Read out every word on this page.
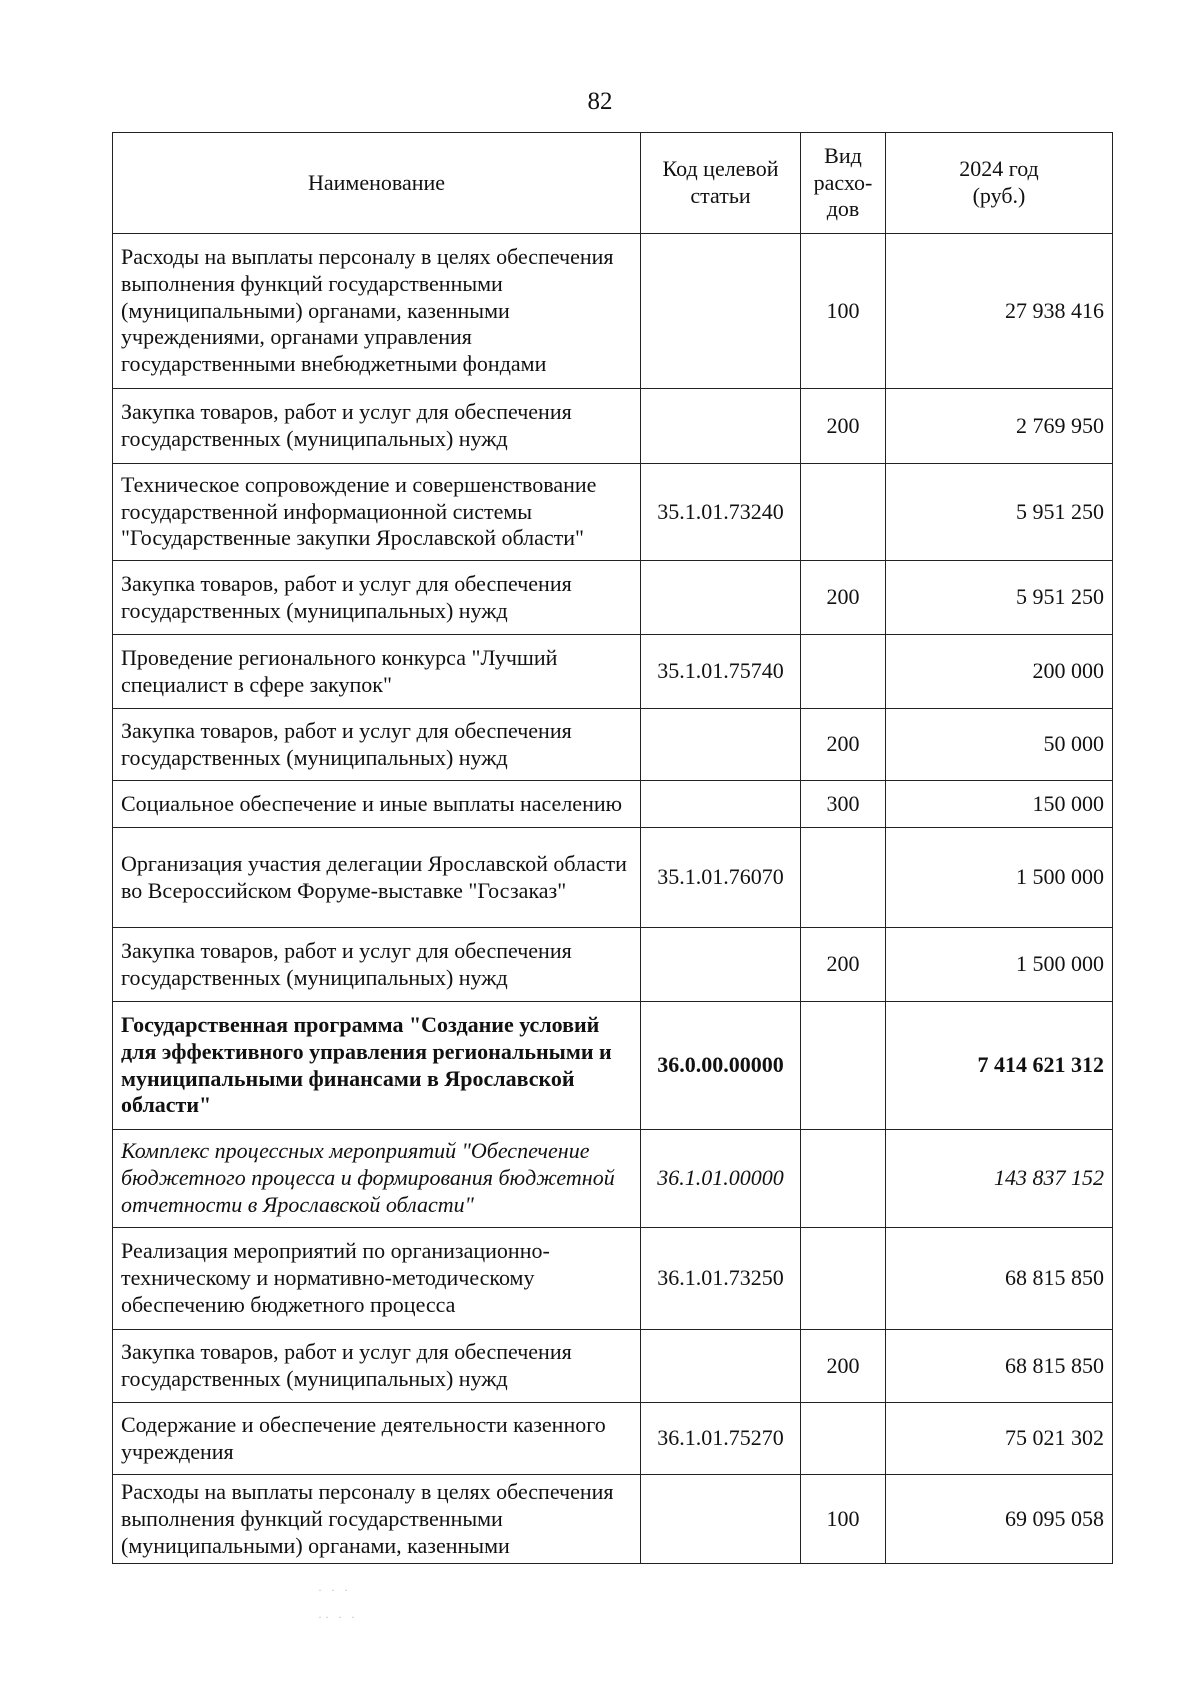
82
Наименование	Код целевой статьи	Вид расхо-дов	2024 год (руб.)
Расходы на выплаты персоналу в целях обеспечения выполнения функций государственными (муниципальными) органами, казенными учреждениями, органами управления государственными внебюджетными фондами		100	27 938 416
Закупка товаров, работ и услуг для обеспечения государственных (муниципальных) нужд		200	2 769 950
Техническое сопровождение и совершенствование государственной информационной системы "Государственные закупки Ярославской области"	35.1.01.73240		5 951 250
Закупка товаров, работ и услуг для обеспечения государственных (муниципальных) нужд		200	5 951 250
Проведение регионального конкурса "Лучший специалист в сфере закупок"	35.1.01.75740		200 000
Закупка товаров, работ и услуг для обеспечения государственных (муниципальных) нужд		200	50 000
Социальное обеспечение и иные выплаты населению		300	150 000
Организация участия делегации Ярославской области во Всероссийском Форуме-выставке "Госзаказ"	35.1.01.76070		1 500 000
Закупка товаров, работ и услуг для обеспечения государственных (муниципальных) нужд		200	1 500 000
Государственная программа "Создание условий для эффективного управления региональными и муниципальными финансами в Ярославской области"	36.0.00.00000		7 414 621 312
Комплекс процессных мероприятий "Обеспечение бюджетного процесса и формирования бюджетной отчетности в Ярославской области"	36.1.01.00000		143 837 152
Реализация мероприятий по организационно-техническому и нормативно-методическому обеспечению бюджетного процесса	36.1.01.73250		68 815 850
Закупка товаров, работ и услуг для обеспечения государственных (муниципальных) нужд		200	68 815 850
Содержание и обеспечение деятельности казенного учреждения	36.1.01.75270		75 021 302
Расходы на выплаты персоналу в целях обеспечения выполнения функций государственными (муниципальными) органами, казенными		100	69 095 058
· · ·
·· · ·
